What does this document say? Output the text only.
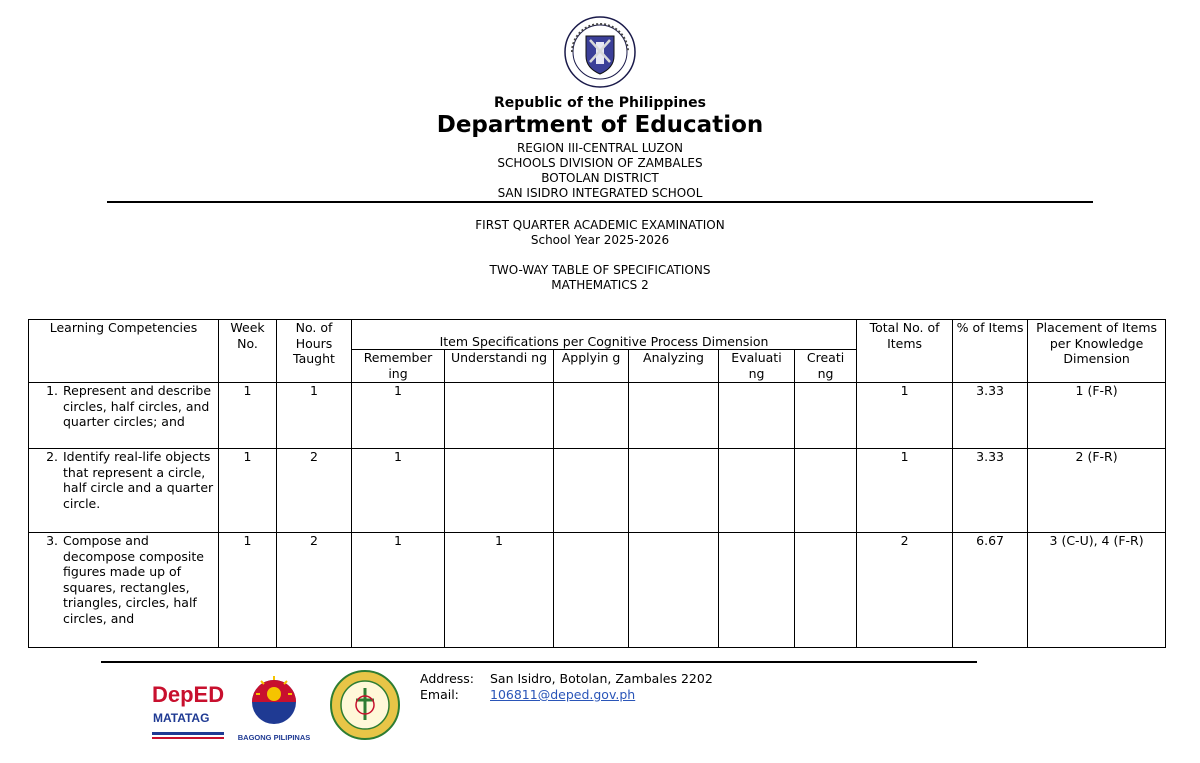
Republic of the Philippines
Department of Education
REGION III-CENTRAL LUZON
SCHOOLS DIVISION OF ZAMBALES
BOTOLAN DISTRICT
SAN ISIDRO INTEGRATED SCHOOL
FIRST QUARTER ACADEMIC EXAMINATION
School Year 2025-2026
TWO-WAY TABLE OF SPECIFICATIONS
MATHEMATICS 2
Learning Competencies	Week No.	No. of Hours Taught	Item Specifications per Cognitive Process Dimension						Total No. of Items	% of Items	Placement of Items per Knowledge Dimension
			Remember ing	Understandi ng	Applyin g	Analyzing	Evaluati ng	Creati ng			

1. Represent and describe circles, half circles, and quarter circles; and	1	1	1						1	3.33	1 (F-R)

2. Identify real-life objects that represent a circle, half circle and a quarter circle.	1	2	1						1	3.33	2 (F-R)

3. Compose and decompose composite figures made up of squares, rectangles, triangles, circles, half circles, and	1	2	1	1					2	6.67	3 (C-U), 4 (F-R)
DepED
MATATAG
BAGONG PILIPINAS
Address: San Isidro, Botolan, Zambales 2202
Email: 106811@deped.gov.ph
